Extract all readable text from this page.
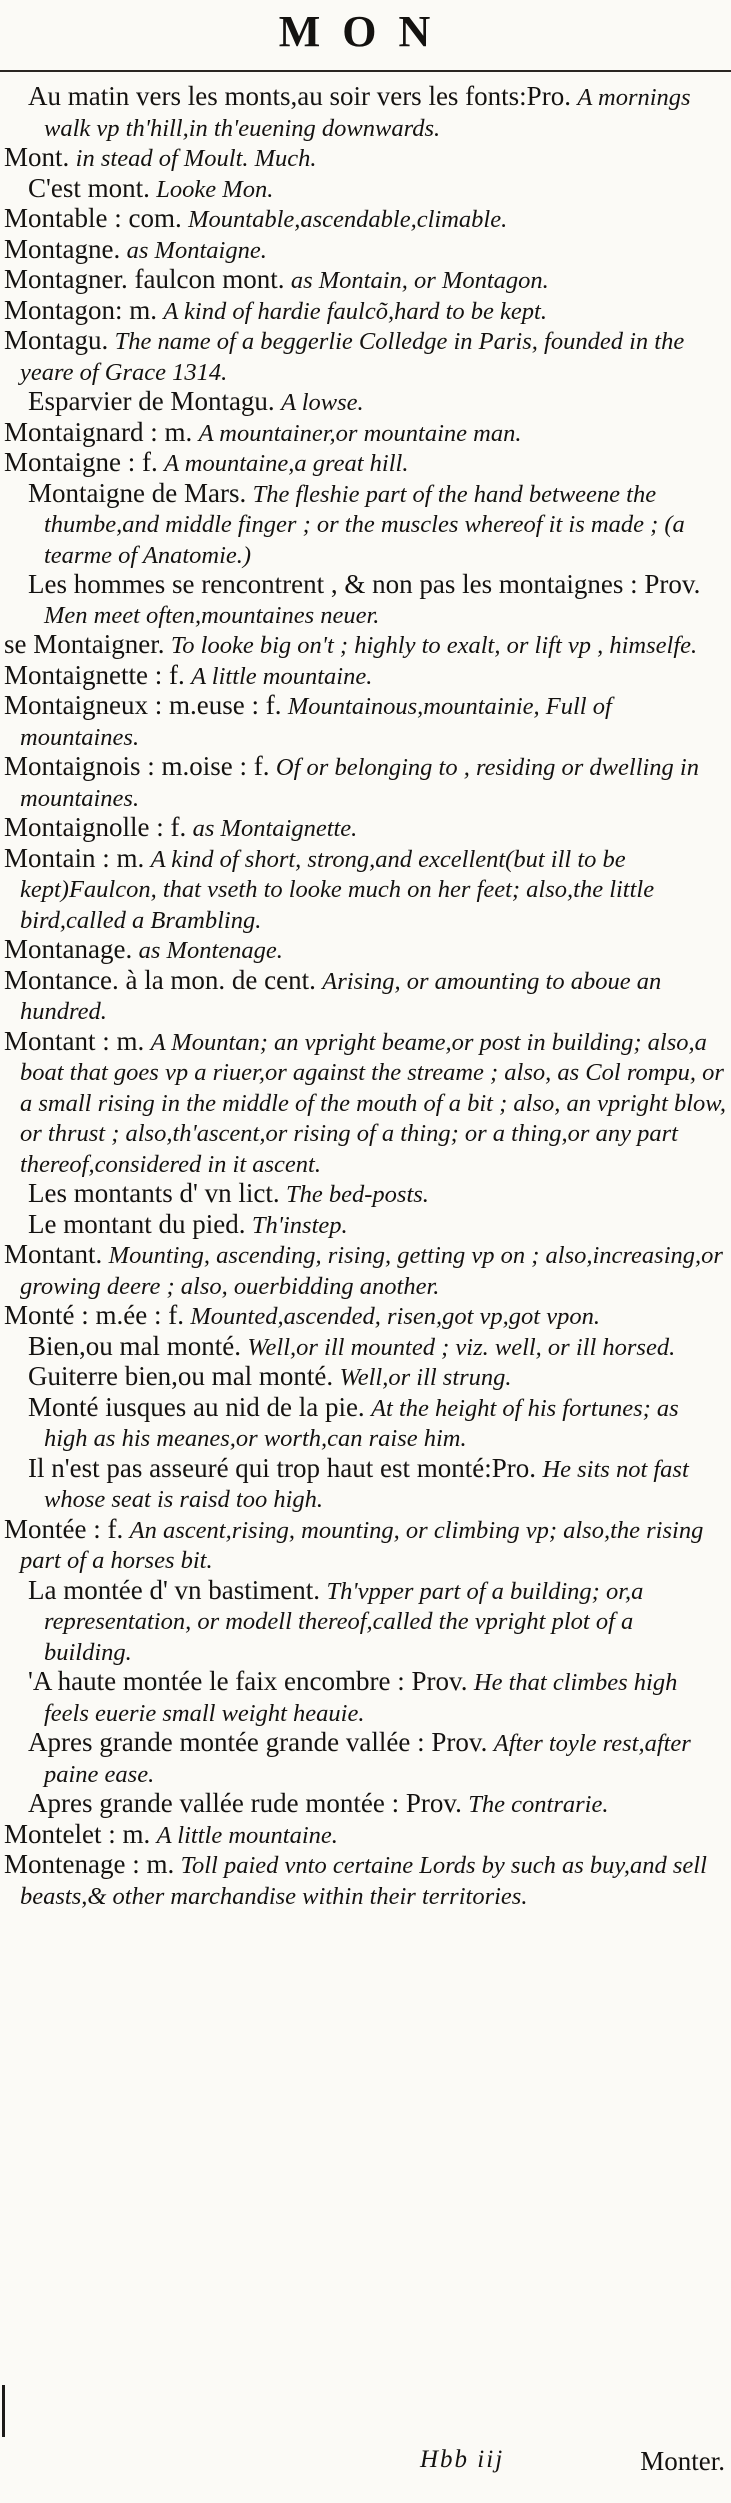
MON

Au matin vers les monts,au soir vers les fonts:Pro. A mornings walk vp th'hill,in th'euening downwards.

Mont. in stead of Moult. Much.

C'est mont. Looke Mon.

Montable : com. Mountable,ascendable,climable.

Montagne. as Montaigne.

Montagner. faulcon mont. as Montain, or Montagon.

Montagon: m. A kind of hardie faulcõ,hard to be kept.

Montagu. The name of a beggerlie Colledge in Paris, founded in the yeare of Grace 1314.

Esparvier de Montagu. A lowse.

Montaignard : m. A mountainer,or mountaine man.

Montaigne : f. A mountaine,a great hill.

Montaigne de Mars. The fleshie part of the hand betweene the thumbe,and middle finger ; or the muscles whereof it is made ; (a tearme of Anatomie.)

Les hommes se rencontrent , & non pas les montaignes : Prov. Men meet often,mountaines neuer.

se Montaigner. To looke big on't ; highly to exalt, or lift vp , himselfe.

Montaignette : f. A little mountaine.

Montaigneux : m.euse : f. Mountainous,mountainie, Full of mountaines.

Montaignois : m.oise : f. Of or belonging to , residing or dwelling in mountaines.

Montaignolle : f. as Montaignette.

Montain : m. A kind of short, strong,and excellent(but ill to be kept)Faulcon, that vseth to looke much on her feet; also,the little bird,called a Brambling.

Montanage. as Montenage.

Montance. à la mon. de cent. Arising, or amounting to aboue an hundred.

Montant : m. A Mountan; an vpright beame,or post in building; also,a boat that goes vp a riuer,or against the streame ; also, as Col rompu, or a small rising in the middle of the mouth of a bit ; also, an vpright blow, or thrust ; also,th'ascent,or rising of a thing; or a thing,or any part thereof,considered in it ascent.

Les montants d' vn lict. The bed-posts.

Le montant du pied. Th'instep.

Montant. Mounting, ascending, rising, getting vp on ; also,increasing,or growing deere ; also, ouerbidding another.

Monté : m.ée : f. Mounted,ascended, risen,got vp,got vpon.

Bien,ou mal monté. Well,or ill mounted ; viz. well, or ill horsed.

Guiterre bien,ou mal monté. Well,or ill strung.

Monté iusques au nid de la pie. At the height of his fortunes; as high as his meanes,or worth,can raise him.

Il n'est pas asseuré qui trop haut est monté:Pro. He sits not fast whose seat is raisd too high.

Montée : f. An ascent,rising, mounting, or climbing vp; also,the rising part of a horses bit.

La montée d' vn bastiment. Th'vpper part of a building; or,a representation, or modell thereof,called the vpright plot of a building.

'A haute montée le faix encombre : Prov. He that climbes high feels euerie small weight heauie.

Apres grande montée grande vallée : Prov. After toyle rest,after paine ease.

Apres grande vallée rude montée : Prov. The contrarie.

Montelet : m. A little mountaine.

Montenage : m. Toll paied vnto certaine Lords by such as buy,and sell beasts,& other marchandise within their territories.

Hbb iij	Monter.
